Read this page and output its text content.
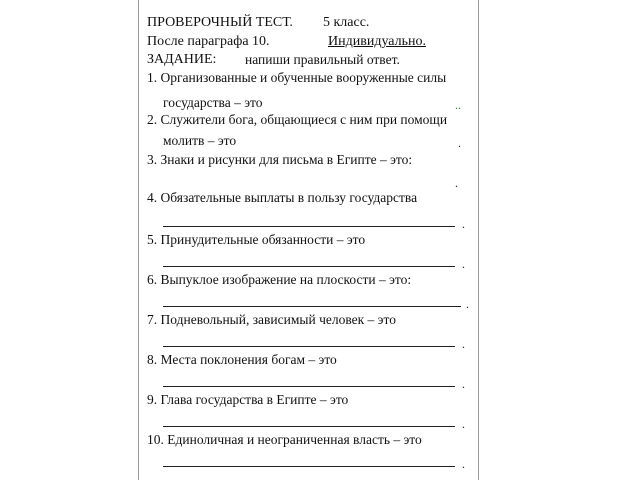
ПРОВЕРОЧНЫЙ ТЕСТ. 5 класс.
После параграфа 10.	Индивидуально.
ЗАДАНИЕ: напиши правильный ответ.
1. Организованные и обученные вооруженные силы
государства – это	..
2. Служители бога, общающиеся с ним при помощи
молитв – это	.
3. Знаки и рисунки для письма в Египте – это:
.
4. Обязательные выплаты в пользу государства
.
5. Принудительные обязанности – это
.
6. Выпуклое изображение на плоскости – это:
.
7. Подневольный, зависимый человек – это
.
8. Места поклонения богам – это
.
9. Глава государства в Египте – это
.
10. Единоличная и неограниченная власть – это
.
